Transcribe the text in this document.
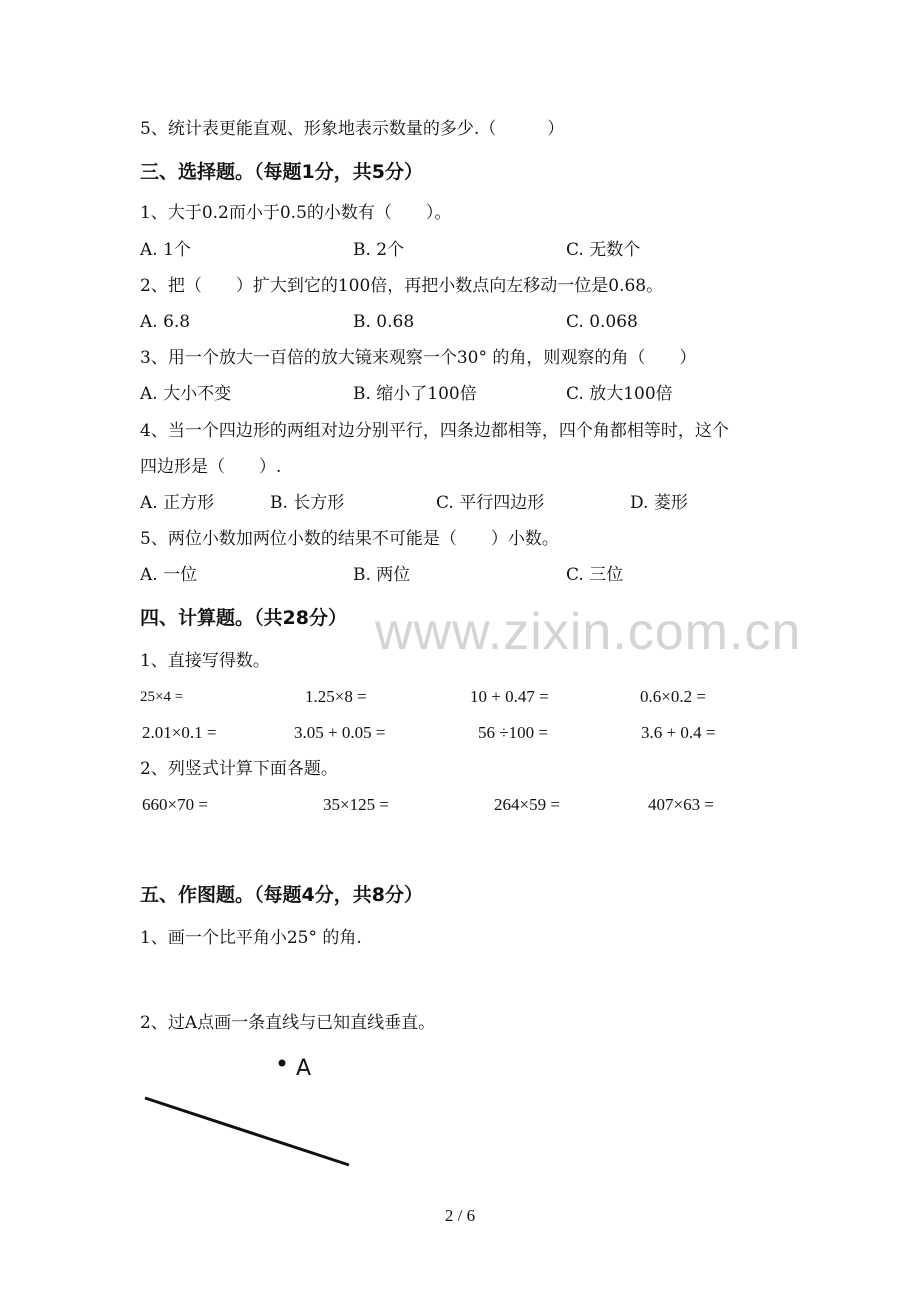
www.zixin.com.cn
5、统计表更能直观、形象地表示数量的多少.（　　　）
三、选择题。（每题1分，共5分）
1、大于0.2而小于0.5的小数有（　　）。
A. 1个	B. 2个	C. 无数个
2、把（　　）扩大到它的100倍，再把小数点向左移动一位是0.68。
A. 6.8	B. 0.68	C. 0.068
3、用一个放大一百倍的放大镜来观察一个30° 的角，则观察的角（　　）
A. 大小不变	B. 缩小了100倍	C. 放大100倍
4、当一个四边形的两组对边分别平行，四条边都相等，四个角都相等时，这个
四边形是（　　）.
A. 正方形	B. 长方形	C. 平行四边形	D. 菱形
5、两位小数加两位小数的结果不可能是（　　）小数。
A. 一位	B. 两位	C. 三位
四、计算题。（共28分）
1、直接写得数。
25×4 =	1.25×8 =	10 + 0.47 =	0.6×0.2 =
2.01×0.1 =	3.05 + 0.05 =	56 ÷100 =	3.6 + 0.4 =
2、列竖式计算下面各题。
660×70 =	35×125 =	264×59 =	407×63 =
五、作图题。（每题4分，共8分）
1、画一个比平角小25° 的角.
2、过A点画一条直线与已知直线垂直。
A
2 / 6
